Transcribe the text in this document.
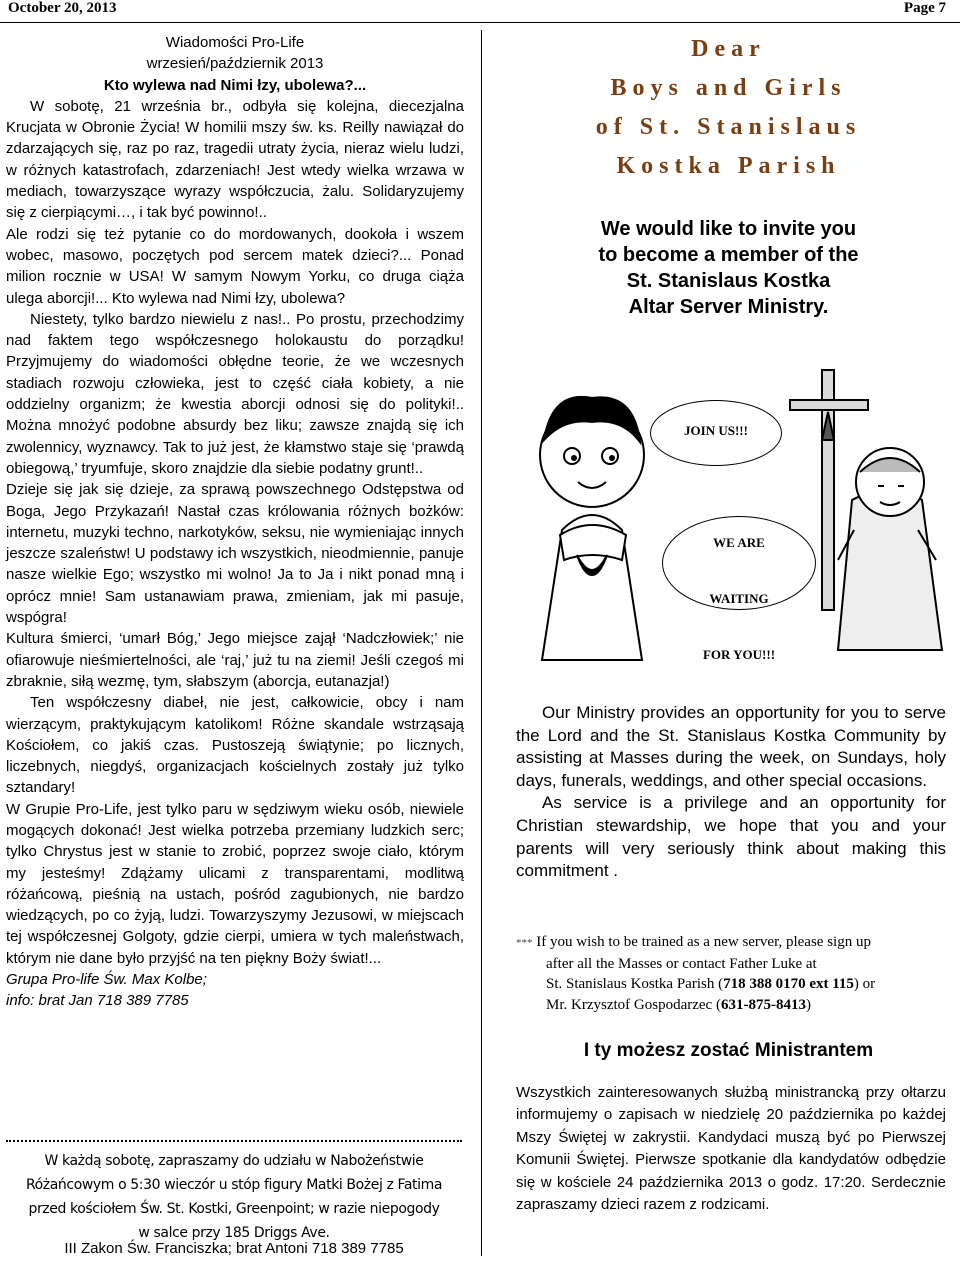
October 20, 2013	Page 7

Wiadomości Pro-Life

wrzesień/październik 2013

Kto wylewa nad Nimi łzy, ubolewa?...

W sobotę, 21 września br., odbyła się kolejna, diecezjalna Krucjata w Obronie Życia! W homilii mszy św. ks. Reilly nawiązał do zdarzających się, raz po raz, tragedii utraty życia, nieraz wielu ludzi, w różnych katastrofach, zdarzeniach! Jest wtedy wielka wrzawa w mediach, towarzyszące wyrazy współczucia, żalu. Solidaryzujemy się z cierpiącymi…, i tak być powinno!..

Ale rodzi się też pytanie co do mordowanych, dookoła i wszem wobec, masowo, poczętych pod sercem matek dzieci?... Ponad milion rocznie w USA! W samym Nowym Yorku, co druga ciąża ulega aborcji!... Kto wylewa nad Nimi łzy, ubolewa?

Niestety, tylko bardzo niewielu z nas!.. Po prostu, przechodzimy nad faktem tego współczesnego holokaustu do porządku! Przyjmujemy do wiadomości obłędne teorie, że we wczesnych stadiach rozwoju człowieka, jest to część ciała kobiety, a nie oddzielny organizm; że kwestia aborcji odnosi się do polityki!.. Można mnożyć podobne absurdy bez liku; zawsze znajdą się ich zwolennicy, wyznawcy. Tak to już jest, że kłamstwo staje się ‘prawdą obiegową,’ tryumfuje, skoro znajdzie dla siebie podatny grunt!..

Dzieje się jak się dzieje, za sprawą powszechnego Odstępstwa od Boga, Jego Przykazań! Nastał czas królowania różnych bożków: internetu, muzyki techno, narkotyków, seksu, nie wymieniając innych jeszcze szaleństw! U podstawy ich wszystkich, nieodmiennie, panuje nasze wielkie Ego; wszystko mi wolno! Ja to Ja i nikt ponad mną i oprócz mnie! Sam ustanawiam prawa, zmieniam, jak mi pasuje, wspógra!

Kultura śmierci, ‘umarł Bóg,’ Jego miejsce zajął ‘Nadczłowiek;’ nie ofiarowuje nieśmiertelności, ale ‘raj,’ już tu na ziemi! Jeśli czegoś mi zbraknie, siłą wezmę, tym, słabszym (aborcja, eutanazja!)

Ten współczesny diabeł, nie jest, całkowicie, obcy i nam wierzącym, praktykującym katolikom! Różne skandale wstrząsają Kościołem, co jakiś czas. Pustoszeją świątynie; po licznych, liczebnych, niegdyś, organizacjach kościelnych zostały już tylko sztandary!

W Grupie Pro-Life, jest tylko paru w sędziwym wieku osób, niewiele mogących dokonać! Jest wielka potrzeba przemiany ludzkich serc; tylko Chrystus jest w stanie to zrobić, poprzez swoje ciało, którym my jesteśmy! Zdążamy ulicami z transparentami, modlitwą różańcową, pieśnią na ustach, pośród zagubionych, nie bardzo wiedzących, po co żyją, ludzi. Towarzyszymy Jezusowi, w miejscach tej współczesnej Golgoty, gdzie cierpi, umiera w tych maleństwach, którym nie dane było przyjść na ten piękny Boży świat!...

Grupa Pro-life Św. Max Kolbe;

info: brat Jan 718 389 7785

W każdą sobotę, zapraszamy do udziału w Nabożeństwie

Różańcowym o 5:30 wieczór u stóp figury Matki Bożej z Fatima

przed kościołem Św. St. Kostki, Greenpoint; w razie niepogody

w salce przy 185 Driggs Ave.

III Zakon Św. Franciszka; brat Antoni 718 389 7785

Dear

Boys and Girls

of St. Stanislaus

Kostka Parish

We would like to invite you

to become a member of the

St. Stanislaus Kostka

Altar Server Ministry.

JOIN US!!!
WE ARE

WAITING

FOR YOU!!!

Our Ministry provides an opportunity for you to serve the Lord and the St. Stanislaus Kostka Community by assisting at Masses during the week, on Sundays, holy days, funerals, weddings, and other special occasions.

As service is a privilege and an opportunity for Christian stewardship, we hope that you and your parents will very seriously think about making this commitment .

*** If you wish to be trained as a new server, please sign up
after all the Masses or contact Father Luke at
St. Stanislaus Kostka Parish (718 388 0170 ext 115) or
Mr. Krzysztof Gospodarzec (631-875-8413)
I ty możesz zostać Ministrantem

Wszystkich zainteresowanych służbą ministrancką przy ołtarzu informujemy o zapisach w niedzielę 20 października po każdej Mszy Świętej w zakrystii. Kandydaci muszą być po Pierwszej Komunii Świętej. Pierwsze spotkanie dla kandydatów odbędzie się w kościele 24 października 2013 o godz. 17:20. Serdecznie zapraszamy dzieci razem z rodzicami.
